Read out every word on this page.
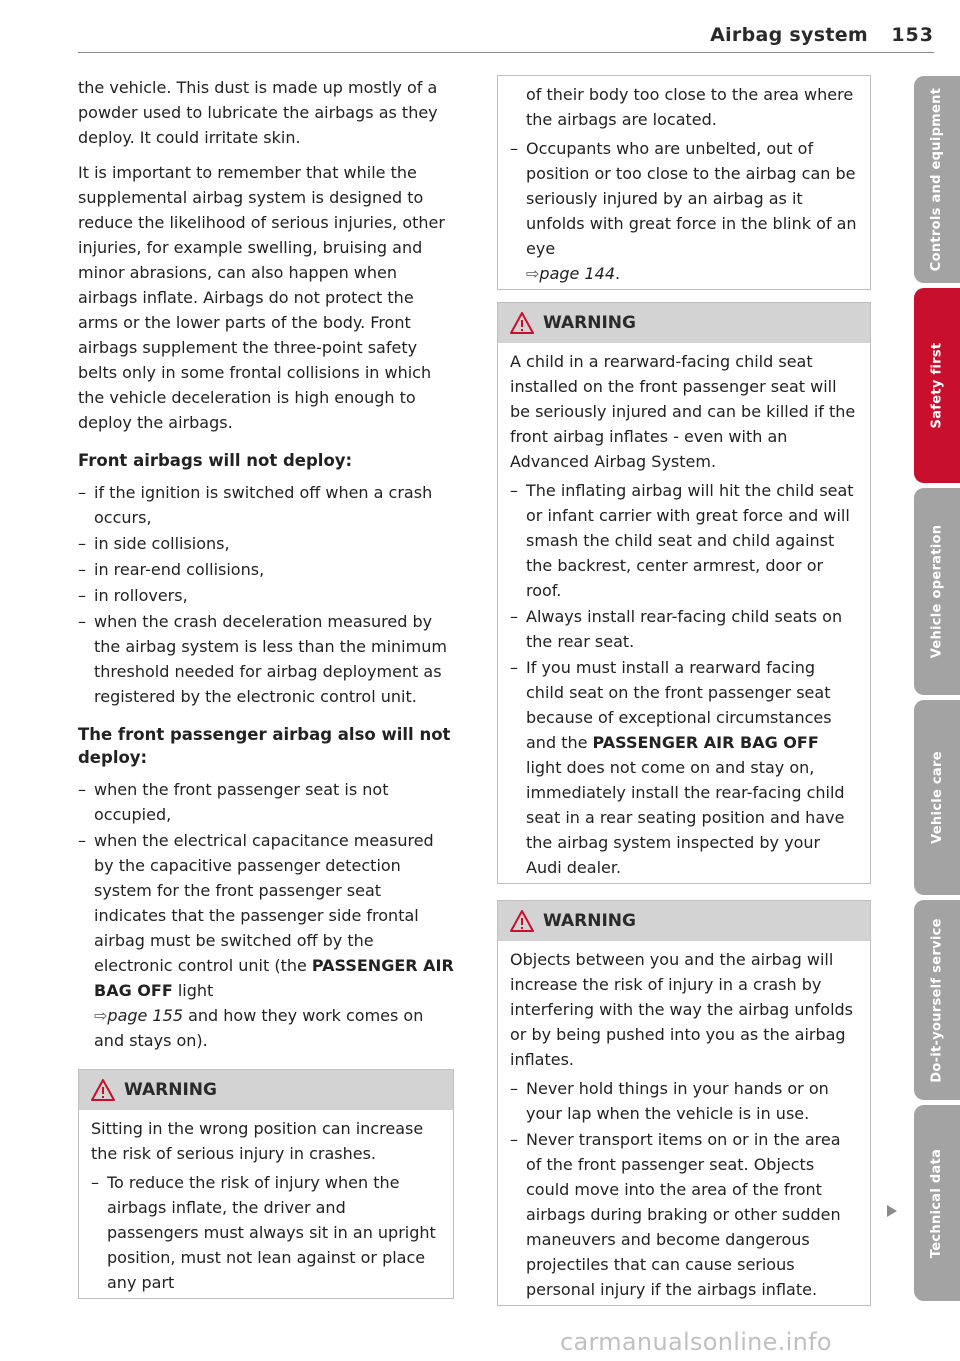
Airbag system 153

the vehicle. This dust is made up mostly of a powder used to lubricate the airbags as they deploy. It could irritate skin.

It is important to remember that while the supplemental airbag system is designed to reduce the likelihood of serious injuries, other injuries, for example swelling, bruising and minor abrasions, can also happen when airbags inflate. Airbags do not protect the arms or the lower parts of the body. Front airbags supplement the three-point safety belts only in some frontal collisions in which the vehicle deceleration is high enough to deploy the airbags.

Front airbags will not deploy:
– if the ignition is switched off when a crash occurs,
– in side collisions,
– in rear-end collisions,
– in rollovers,
– when the crash deceleration measured by the airbag system is less than the minimum threshold needed for airbag deployment as registered by the electronic control unit.
The front passenger airbag also will not deploy:
– when the front passenger seat is not occupied,
– when the electrical capacitance measured by the capacitive passenger detection system for the front passenger seat indicates that the passenger side frontal airbag must be switched off by the electronic control unit (the PASSENGER AIR BAG OFF light
⇨page 155 and how they work comes on and stays on).
WARNING

Sitting in the wrong position can increase the risk of serious injury in crashes.

– To reduce the risk of injury when the airbags inflate, the driver and passengers must always sit in an upright position, must not lean against or place any part

of their body too close to the area where the airbags are located.

– Occupants who are unbelted, out of position or too close to the airbag can be seriously injured by an airbag as it unfolds with great force in the blink of an eye
⇨page 144.
WARNING

A child in a rearward-facing child seat installed on the front passenger seat will be seriously injured and can be killed if the front airbag inflates - even with an Advanced Airbag System.

– The inflating airbag will hit the child seat or infant carrier with great force and will smash the child seat and child against the backrest, center armrest, door or roof.
– Always install rear-facing child seats on the rear seat.
– If you must install a rearward facing child seat on the front passenger seat because of exceptional circumstances and the PASSENGER AIR BAG OFF light does not come on and stay on, immediately install the rear-facing child seat in a rear seating position and have the airbag system inspected by your Audi dealer.
WARNING

Objects between you and the airbag will increase the risk of injury in a crash by interfering with the way the airbag unfolds or by being pushed into you as the airbag inflates.

– Never hold things in your hands or on your lap when the vehicle is in use.
– Never transport items on or in the area of the front passenger seat. Objects could move into the area of the front airbags during braking or other sudden maneuvers and become dangerous projectiles that can cause serious personal injury if the airbags inflate.
Controls and equipment
Safety first
Vehicle operation
Vehicle care
Do-it-yourself service
Technical data
carmanualsonline.info
